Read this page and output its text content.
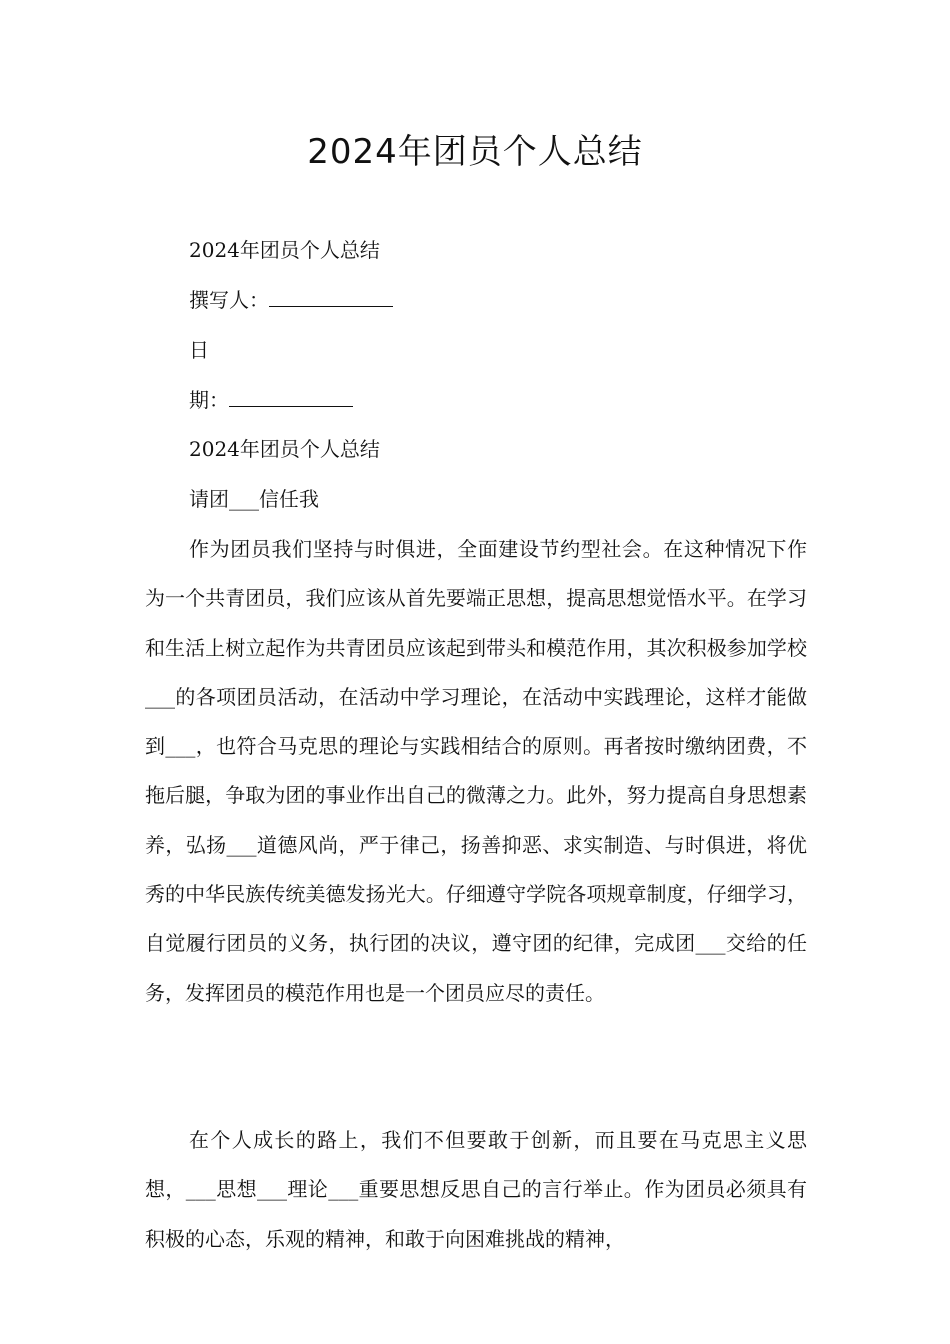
2024年团员个人总结
2024年团员个人总结
撰写人：
日
期：
2024年团员个人总结
请团___信任我

作为团员我们坚持与时俱进，全面建设节约型社会。在这种情况下作为一个共青团员，我们应该从首先要端正思想，提高思想觉悟水平。在学习和生活上树立起作为共青团员应该起到带头和模范作用，其次积极参加学校___的各项团员活动，在活动中学习理论，在活动中实践理论，这样才能做到___，也符合马克思的理论与实践相结合的原则。再者按时缴纳团费，不拖后腿，争取为团的事业作出自己的微薄之力。此外，努力提高自身思想素养，弘扬___道德风尚，严于律己，扬善抑恶、求实制造、与时俱进，将优秀的中华民族传统美德发扬光大。仔细遵守学院各项规章制度，仔细学习，自觉履行团员的义务，执行团的决议，遵守团的纪律，完成团___交给的任务，发挥团员的模范作用也是一个团员应尽的责任。

在个人成长的路上，我们不但要敢于创新，而且要在马克思主义思想，___思想___理论___重要思想反思自己的言行举止。作为团员必须具有积极的心态，乐观的精神，和敢于向困难挑战的精神，
